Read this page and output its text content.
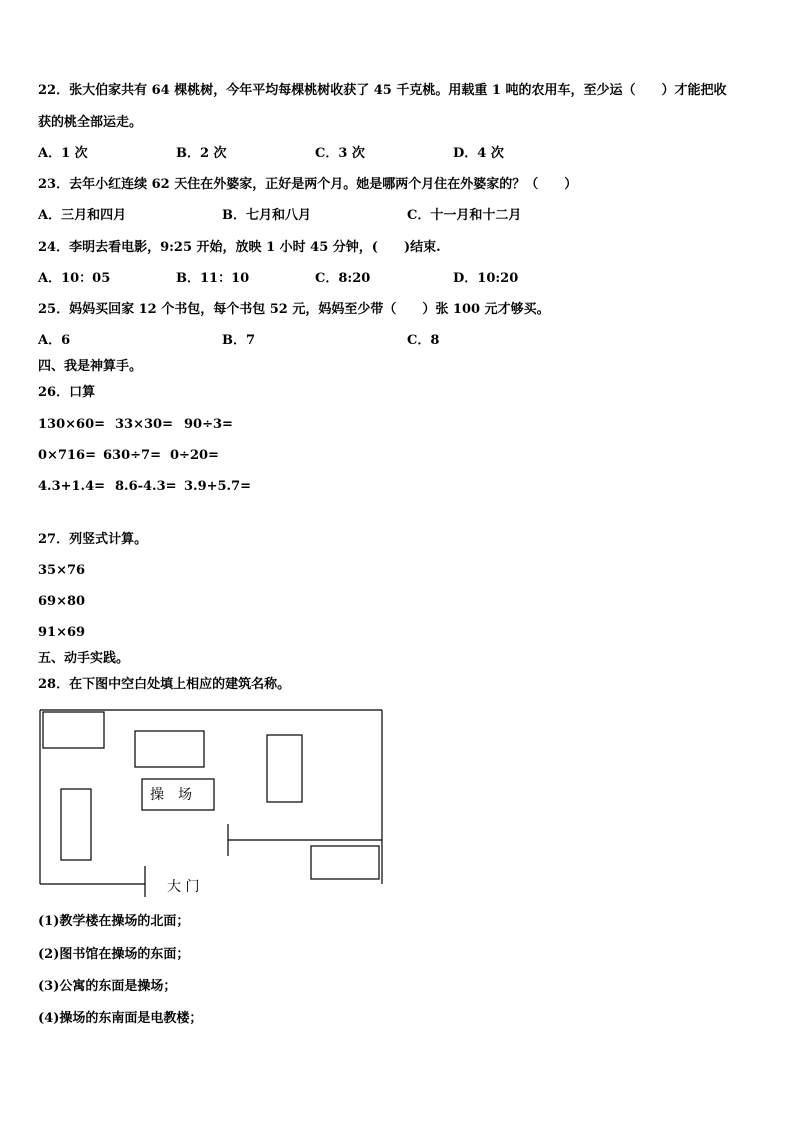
22．张大伯家共有 64 棵桃树，今年平均每棵桃树收获了 45 千克桃。用载重 1 吨的农用车，至少运（　　）才能把收
获的桃全部运走。
A．1 次	B．2 次	C．3 次	D．4 次
23．去年小红连续 62 天住在外婆家，正好是两个月。她是哪两个月住在外婆家的？（　　）
A．三月和四月	B．七月和八月	C．十一月和十二月
24．李明去看电影，9:25 开始，放映 1 小时 45 分钟，(　　)结束.
A．10：05	B．11：10	C．8:20	D．10:20
25．妈妈买回家 12 个书包，每个书包 52 元，妈妈至少带（　　）张 100 元才够买。
A．6	B．7	C．8
四、我是神算手。
26．口算
130×60= 33×30= 90÷3=
0×716= 630÷7= 0÷20=
4.3+1.4= 8.6-4.3= 3.9+5.7=
27．列竖式计算。
35×76
69×80
91×69
五、动手实践。
28．在下图中空白处填上相应的建筑名称。
操　场
大 门
(1)教学楼在操场的北面；
(2)图书馆在操场的东面；
(3)公寓的东面是操场；
(4)操场的东南面是电教楼；
